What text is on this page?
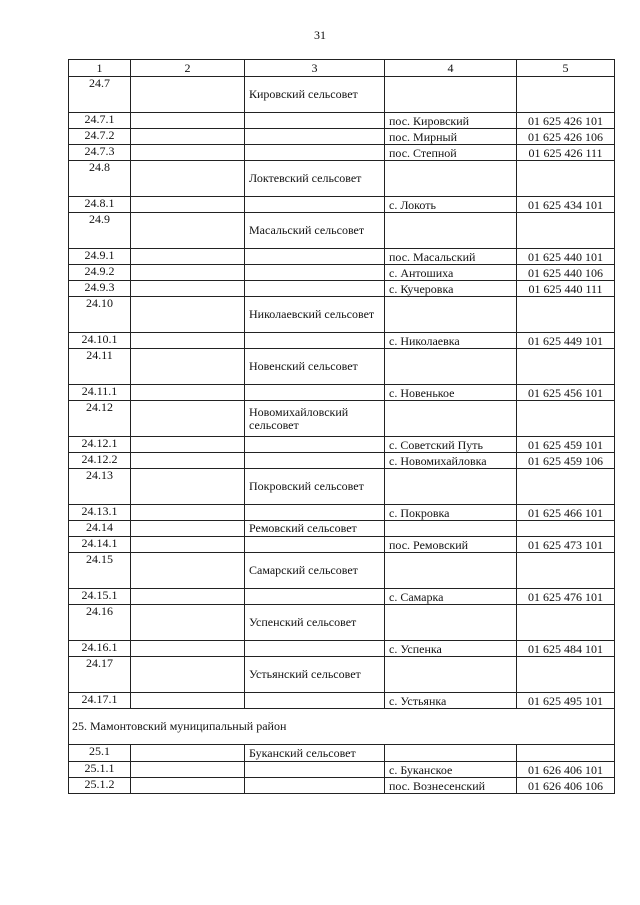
31
1	2	3	4	5
24.7		Кировский сельсовет		
24.7.1			пос. Кировский	01 625 426 101
24.7.2			пос. Мирный	01 625 426 106
24.7.3			пос. Степной	01 625 426 111
24.8		Локтевский сельсовет		
24.8.1			с. Локоть	01 625 434 101
24.9		Масальский сельсовет		
24.9.1			пос. Масальский	01 625 440 101
24.9.2			с. Антошиха	01 625 440 106
24.9.3			с. Кучеровка	01 625 440 111
24.10		Николаевский сельсовет		
24.10.1			с. Николаевка	01 625 449 101
24.11		Новенский сельсовет		
24.11.1			с. Новенькое	01 625 456 101
24.12		Новомихайловский сельсовет		
24.12.1			с. Советский Путь	01 625 459 101
24.12.2			с. Новомихайловка	01 625 459 106
24.13		Покровский сельсовет		
24.13.1			с. Покровка	01 625 466 101
24.14		Ремовский сельсовет		
24.14.1			пос. Ремовский	01 625 473 101
24.15		Самарский сельсовет		
24.15.1			с. Самарка	01 625 476 101
24.16		Успенский сельсовет		
24.16.1			с. Успенка	01 625 484 101
24.17		Устьянский сельсовет		
24.17.1			с. Устьянка	01 625 495 101
25. Мамонтовский муниципальный район				
25.1		Буканский сельсовет		
25.1.1			с. Буканское	01 626 406 101
25.1.2			пос. Вознесенский	01 626 406 106
